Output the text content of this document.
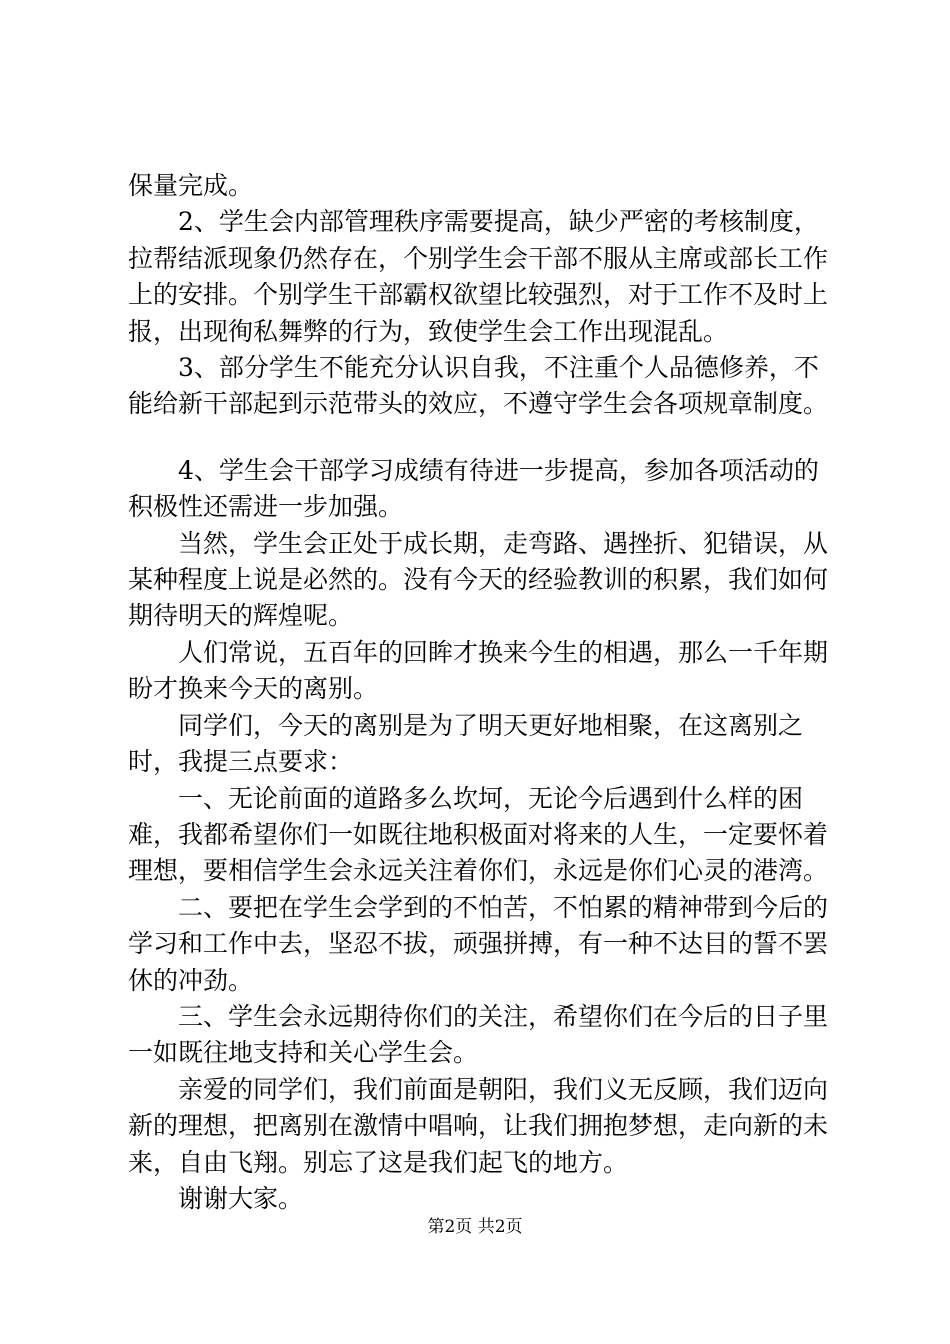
保量完成。

　　2、学生会内部管理秩序需要提高，缺少严密的考核制度，拉帮结派现象仍然存在，个别学生会干部不服从主席或部长工作上的安排。个别学生干部霸权欲望比较强烈，对于工作不及时上报，出现徇私舞弊的行为，致使学生会工作出现混乱。

　　3、部分学生不能充分认识自我，不注重个人品德修养，不能给新干部起到示范带头的效应，不遵守学生会各项规章制度。

　　4、学生会干部学习成绩有待进一步提高，参加各项活动的积极性还需进一步加强。

　　当然，学生会正处于成长期，走弯路、遇挫折、犯错误，从某种程度上说是必然的。没有今天的经验教训的积累，我们如何期待明天的辉煌呢。

　　人们常说，五百年的回眸才换来今生的相遇，那么一千年期盼才换来今天的离别。

　　同学们，今天的离别是为了明天更好地相聚，在这离别之时，我提三点要求：

　　一、无论前面的道路多么坎坷，无论今后遇到什么样的困难，我都希望你们一如既往地积极面对将来的人生，一定要怀着理想，要相信学生会永远关注着你们，永远是你们心灵的港湾。

　　二、要把在学生会学到的不怕苦，不怕累的精神带到今后的学习和工作中去，坚忍不拔，顽强拼搏，有一种不达目的誓不罢休的冲劲。

　　三、学生会永远期待你们的关注，希望你们在今后的日子里一如既往地支持和关心学生会。

　　亲爱的同学们，我们前面是朝阳，我们义无反顾，我们迈向新的理想，把离别在激情中唱响，让我们拥抱梦想，走向新的未来，自由飞翔。别忘了这是我们起飞的地方。

　　谢谢大家。

第2页 共2页
